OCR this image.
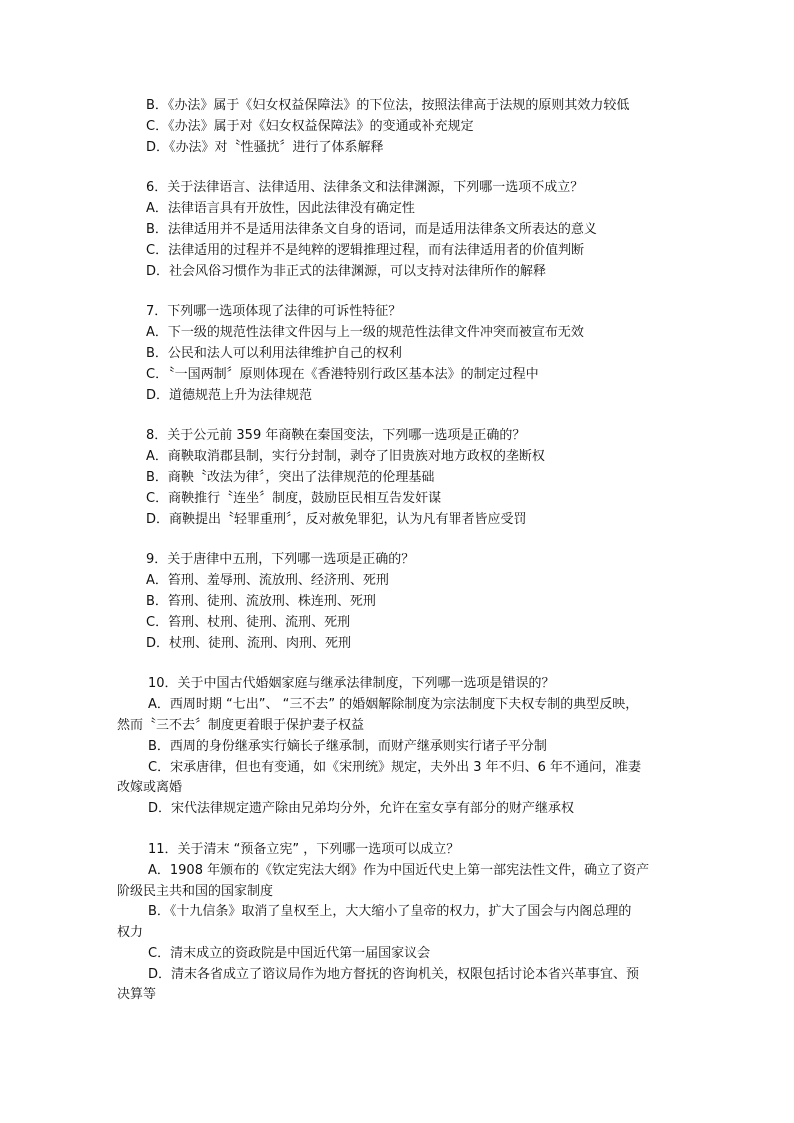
B．《办法》属于《妇女权益保障法》的下位法，按照法律高于法规的原则其效力较低
C．《办法》属于对《妇女权益保障法》的变通或补充规定
D．《办法》对〝性骚扰〞进行了体系解释
6．关于法律语言、法律适用、法律条文和法律渊源，下列哪一选项不成立？
A．法律语言具有开放性，因此法律没有确定性
B．法律适用并不是适用法律条文自身的语词，而是适用法律条文所表达的意义
C．法律适用的过程并不是纯粹的逻辑推理过程，而有法律适用者的价值判断
D．社会风俗习惯作为非正式的法律渊源，可以支持对法律所作的解释
7．下列哪一选项体现了法律的可诉性特征？
A．下一级的规范性法律文件因与上一级的规范性法律文件冲突而被宣布无效
B．公民和法人可以利用法律维护自己的权利
C．〝一国两制〞原则体现在《香港特别行政区基本法》的制定过程中
D．道德规范上升为法律规范
8．关于公元前 359 年商鞅在秦国变法，下列哪一选项是正确的？
A．商鞅取消郡县制，实行分封制，剥夺了旧贵族对地方政权的垄断权
B．商鞅〝改法为律〞，突出了法律规范的伦理基础
C．商鞅推行〝连坐〞制度，鼓励臣民相互告发奸谋
D．商鞅提出〝轻罪重刑〞，反对赦免罪犯，认为凡有罪者皆应受罚
9．关于唐律中五刑，下列哪一选项是正确的？
A．笞刑、羞辱刑、流放刑、经济刑、死刑
B．笞刑、徒刑、流放刑、株连刑、死刑
C．笞刑、杖刑、徒刑、流刑、死刑
D．杖刑、徒刑、流刑、肉刑、死刑
10．关于中国古代婚姻家庭与继承法律制度，下列哪一选项是错误的？
A．西周时期 “七出”、 “三不去” 的婚姻解除制度为宗法制度下夫权专制的典型反映，
然而〝三不去〞制度更着眼于保护妻子权益
B．西周的身份继承实行嫡长子继承制，而财产继承则实行诸子平分制
C．宋承唐律，但也有变通，如《宋刑统》规定，夫外出 3 年不归、6 年不通问，准妻
改嫁或离婚
D．宋代法律规定遗产除由兄弟均分外，允许在室女享有部分的财产继承权
11．关于清末 “预备立宪” ，下列哪一选项可以成立？
A．1908 年颁布的《钦定宪法大纲》作为中国近代史上第一部宪法性文件，确立了资产
阶级民主共和国的国家制度
B．《十九信条》取消了皇权至上，大大缩小了皇帝的权力，扩大了国会与内阁总理的
权力
C．清末成立的资政院是中国近代第一届国家议会
D．清末各省成立了谘议局作为地方督抚的咨询机关，权限包括讨论本省兴革事宜、预
决算等
